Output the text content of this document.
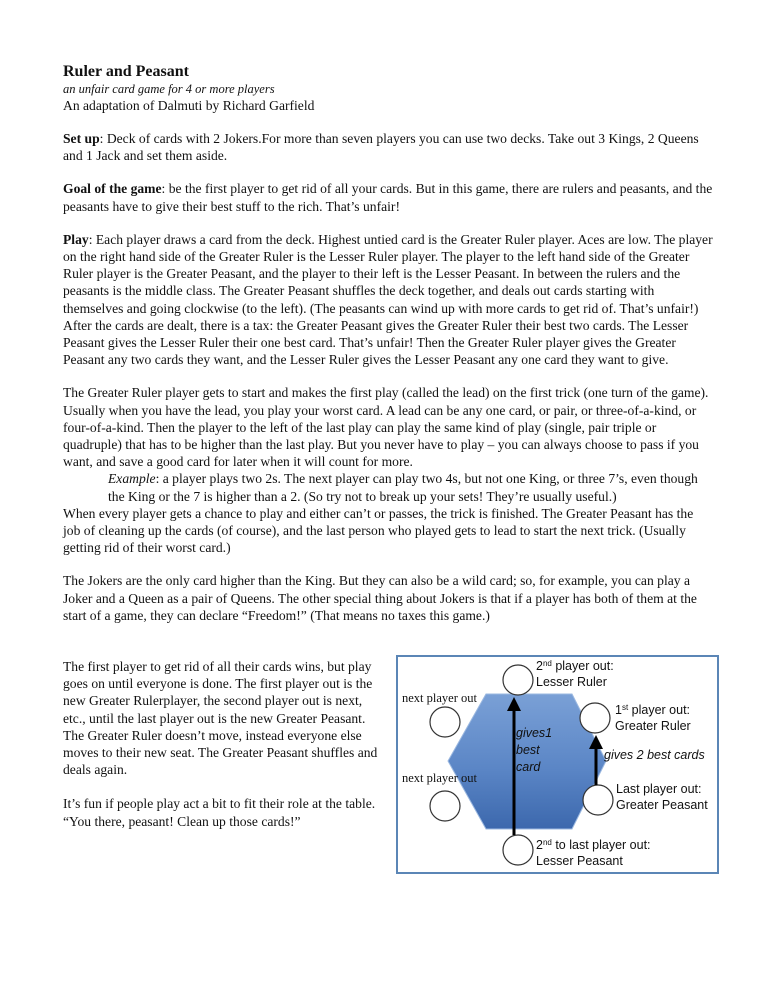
Ruler and Peasant
an unfair card game for 4 or more players
An adaptation of Dalmuti by Richard Garfield

Set up: Deck of cards with 2 Jokers.For more than seven players you can use two decks. Take out 3 Kings, 2 Queens and 1 Jack and set them aside.

Goal of the game: be the first player to get rid of all your cards. But in this game, there are rulers and peasants, and the peasants have to give their best stuff to the rich. That’s unfair!

Play: Each player draws a card from the deck. Highest untied card is the Greater Ruler player. Aces are low. The player on the right hand side of the Greater Ruler is the Lesser Ruler player. The player to the left hand side of the Greater Ruler player is the Greater Peasant, and the player to their left is the Lesser Peasant. In between the rulers and the peasants is the middle class. The Greater Peasant shuffles the deck together, and deals out cards starting with themselves and going clockwise (to the left). (The peasants can wind up with more cards to get rid of. That’s unfair!) After the cards are dealt, there is a tax: the Greater Peasant gives the Greater Ruler their best two cards. The Lesser Peasant gives the Lesser Ruler their one best card. That’s unfair! Then the Greater Ruler player gives the Greater Peasant any two cards they want, and the Lesser Ruler gives the Lesser Peasant any one card they want to give.

The Greater Ruler player gets to start and makes the first play (called the lead) on the first trick (one turn of the game). Usually when you have the lead, you play your worst card. A lead can be any one card, or pair, or three-of-a-kind, or four-of-a-kind. Then the player to the left of the last play can play the same kind of play (single, pair triple or quadruple) that has to be higher than the last play. But you never have to play – you can always choose to pass if you want, and save a good card for later when it will count for more.

Example: a player plays two 2s. The next player can play two 4s, but not one King, or three 7’s, even though the King or the 7 is higher than a 2. (So try not to break up your sets! They’re usually useful.)

When every player gets a chance to play and either can’t or passes, the trick is finished. The Greater Peasant has the job of cleaning up the cards (of course), and the last person who played gets to lead to start the next trick. (Usually getting rid of their worst card.)

The Jokers are the only card higher than the King. But they can also be a wild card; so, for example, you can play a Joker and a Queen as a pair of Queens. The other special thing about Jokers is that if a player has both of them at the start of a game, they can declare “Freedom!” (That means no taxes this game.)

The first player to get rid of all their cards wins, but play goes on until everyone is done. The first player out is the new Greater Rulerplayer, the second player out is next, etc., until the last player out is the new Greater Peasant. The Greater Ruler doesn’t move, instead everyone else moves to their new seat. The Greater Peasant shuffles and deals again.

It’s fun if people play act a bit to fit their role at the table. “You there, peasant! Clean up those cards!”

2nd player out:
Lesser Ruler
next player out
1st player out:
Greater Ruler
gives1
best
card
gives 2 best cards
next player out
Last player out:
Greater Peasant
2nd to last player out:
Lesser Peasant
